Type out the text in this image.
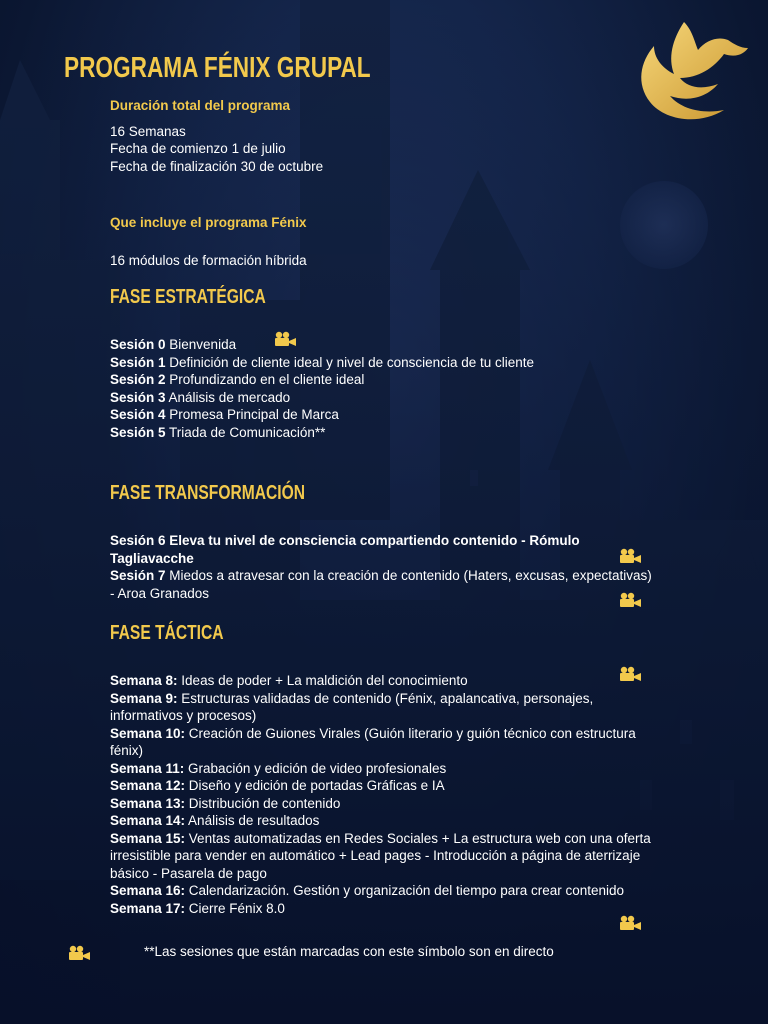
PROGRAMA FÉNIX GRUPAL
Duración total del programa
16 Semanas
Fecha de comienzo 1 de julio
Fecha de finalización 30 de octubre
Que incluye el programa Fénix
16 módulos de formación híbrida
FASE ESTRATÉGICA
Sesión 0 Bienvenida
Sesión 1 Definición de cliente ideal y nivel de consciencia de tu cliente
Sesión 2 Profundizando en el cliente ideal
Sesión 3 Análisis de mercado
Sesión 4 Promesa Principal de Marca
Sesión 5 Triada de Comunicación**
FASE TRANSFORMACIÓN
Sesión 6 Eleva tu nivel de consciencia compartiendo contenido - Rómulo Tagliavacche
Sesión 7 Miedos a atravesar con la creación de contenido (Haters, excusas, expectativas) - Aroa Granados
FASE TÁCTICA
Semana 8: Ideas de poder + La maldición del conocimiento
Semana 9: Estructuras validadas de contenido (Fénix, apalancativa, personajes, informativos y procesos)
Semana 10: Creación de Guiones Virales (Guión literario y guión técnico con estructura fénix)
Semana 11: Grabación y edición de video profesionales
Semana 12: Diseño y edición de portadas Gráficas e IA
Semana 13: Distribución de contenido
Semana 14: Análisis de resultados
Semana 15: Ventas automatizadas en Redes Sociales + La estructura web con una oferta irresistible para vender en automático + Lead pages - Introducción a página de aterrizaje básico - Pasarela de pago
Semana 16: Calendarización. Gestión y organización del tiempo para crear contenido
Semana 17: Cierre Fénix 8.0
**Las sesiones que están marcadas con este símbolo son en directo
